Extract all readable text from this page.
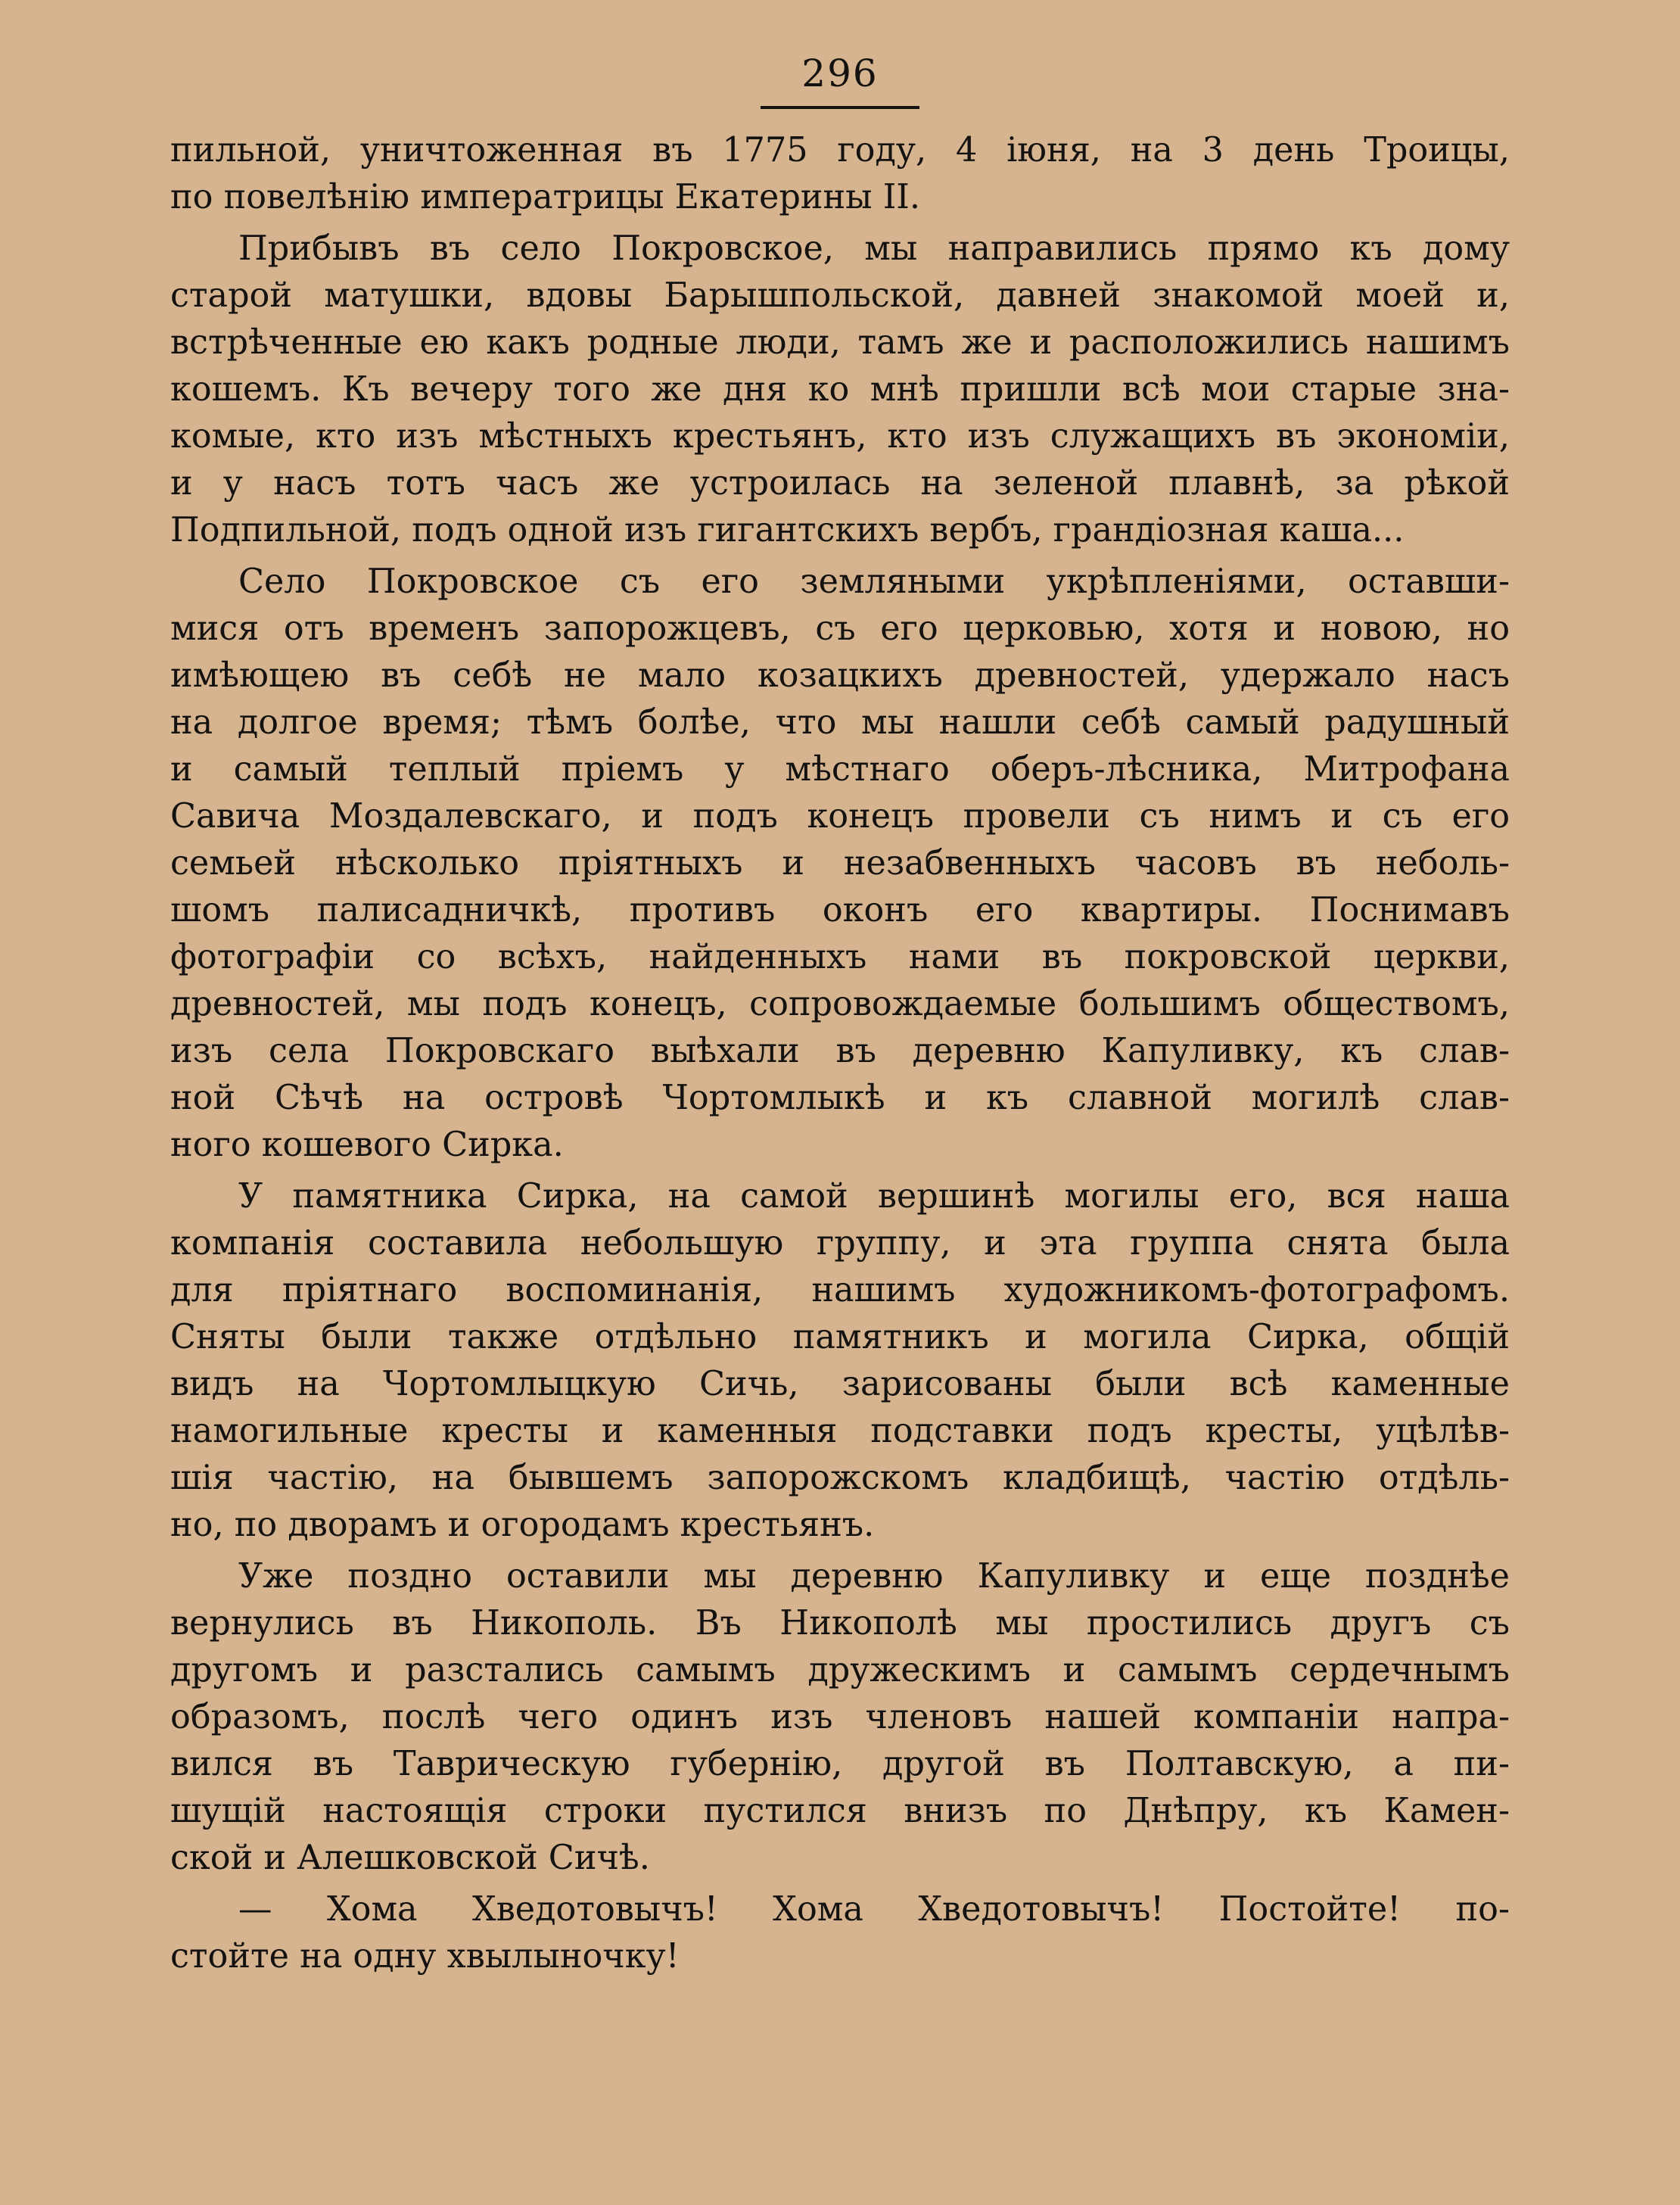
296
пильной, уничтоженная въ 1775 году, 4 іюня, на 3 день Троицы,
по повелѣнію императрицы Екатерины II.
Прибывъ въ село Покровское, мы направились прямо къ дому
старой матушки, вдовы Барышпольской, давней знакомой моей и,
встрѣченные ею какъ родные люди, тамъ же и расположились нашимъ
кошемъ. Къ вечеру того же дня ко мнѣ пришли всѣ мои старые зна-
комые, кто изъ мѣстныхъ крестьянъ, кто изъ служащихъ въ экономіи,
и у насъ тотъ часъ же устроилась на зеленой плавнѣ, за рѣкой
Подпильной, подъ одной изъ гигантскихъ вербъ, грандіозная каша...
Село Покровское съ его земляными укрѣпленіями, оставши-
мися отъ временъ запорожцевъ, съ его церковью, хотя и новою, но
имѣющею въ себѣ не мало козацкихъ древностей, удержало насъ
на долгое время; тѣмъ болѣе, что мы нашли себѣ самый радушный
и самый теплый пріемъ у мѣстнаго оберъ-лѣсника, Митрофана
Савича Моздалевскаго, и подъ конецъ провели съ нимъ и съ его
семьей нѣсколько пріятныхъ и незабвенныхъ часовъ въ неболь-
шомъ палисадничкѣ, противъ оконъ его квартиры. Поснимавъ
фотографіи со всѣхъ, найденныхъ нами въ покровской церкви,
древностей, мы подъ конецъ, сопровождаемые большимъ обществомъ,
изъ села Покровскаго выѣхали въ деревню Капуливку, къ слав-
ной Сѣчѣ на островѣ Чортомлыкѣ и къ славной могилѣ слав-
ного кошевого Сирка.
У памятника Сирка, на самой вершинѣ могилы его, вся наша
компанія составила небольшую группу, и эта группа снята была
для пріятнаго воспоминанія, нашимъ художникомъ-фотографомъ.
Сняты были также отдѣльно памятникъ и могила Сирка, общій
видъ на Чортомлыцкую Сичь, зарисованы были всѣ каменные
намогильные кресты и каменныя подставки подъ кресты, уцѣлѣв-
шія частію, на бывшемъ запорожскомъ кладбищѣ, частію отдѣль-
но, по дворамъ и огородамъ крестьянъ.
Уже поздно оставили мы деревню Капуливку и еще позднѣе
вернулись въ Никополь. Въ Никополѣ мы простились другъ съ
другомъ и разстались самымъ дружескимъ и самымъ сердечнымъ
образомъ, послѣ чего одинъ изъ членовъ нашей компаніи напра-
вился въ Таврическую губернію, другой въ Полтавскую, а пи-
шущій настоящія строки пустился внизъ по Днѣпру, къ Камен-
ской и Алешковской Сичѣ.
— Хома Хведотовычъ! Хома Хведотовычъ! Постойте! по-
стойте на одну хвылыночку!
